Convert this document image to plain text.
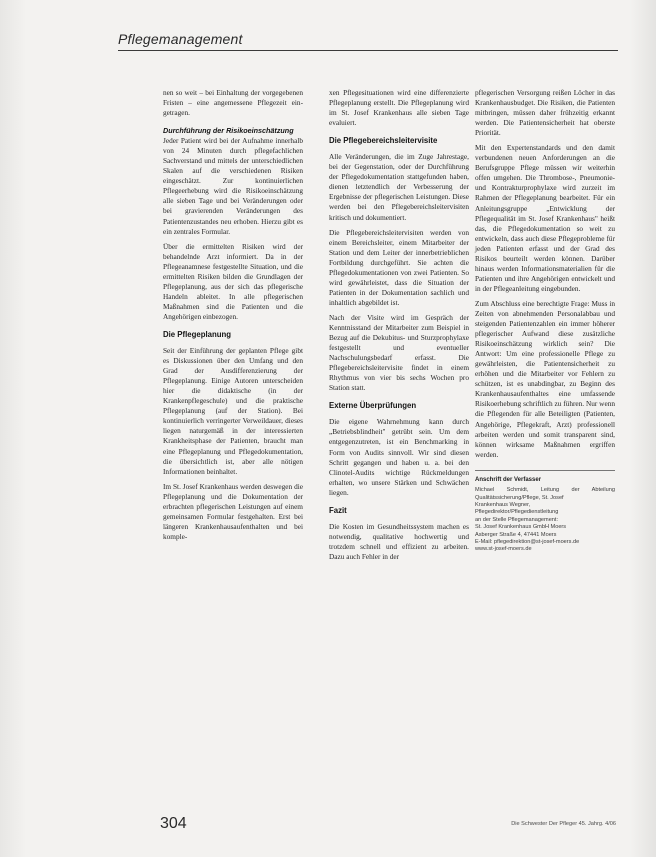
Pflegemanagement

nen so weit – bei Einhaltung der vorgegebenen Fristen – eine angemessene Pflegezeit eingetragen.

Durchführung der Risikoeinschätzung

Jeder Patient wird bei der Aufnahme innerhalb von 24 Minuten durch pflegefachlichen Sachverstand und mittels der unterschiedlichen Skalen auf die verschiedenen Risiken eingeschätzt. Zur kontinuierlichen Pflegeerhebung wird die Risikoeinschätzung alle sieben Tage und bei Veränderungen oder bei gravierenden Veränderungen des Patientenzustandes neu erhoben. Hierzu gibt es ein zentrales Formular.

Über die ermittelten Risiken wird der behandelnde Arzt informiert. Da in der Pflegeanamnese festgestellte Situation, und die ermittelten Risiken bilden die Grundlagen der Pflegeplanung, aus der sich das pflegerische Handeln ableitet. In alle pflegerischen Maßnahmen sind die Patienten und die Angehörigen einbezogen.

Die Pflegeplanung

Seit der Einführung der geplanten Pflege gibt es Diskussionen über den Umfang und den Grad der Ausdifferenzierung der Pflegeplanung. Einige Autoren unterscheiden hier die didaktische (in der Krankenpflegeschule) und die praktische Pflegeplanung (auf der Station). Bei kontinuierlich verringerter Verweildauer, dieses liegen naturgemäß in der interessierten Krankheitsphase der Patienten, braucht man eine Pflegeplanung und Pflegedokumentation, die übersichtlich ist, aber alle nötigen Informationen beinhaltet.

Im St. Josef Krankenhaus werden deswegen die Pflegeplanung und die Dokumentation der erbrachten pflegerischen Leistungen auf einem gemeinsamen Formular festgehalten. Erst bei längeren Krankenhausaufenthalten und bei komple-

xen Pflegesituationen wird eine differenzierte Pflegeplanung erstellt. Die Pflegeplanung wird im St. Josef Krankenhaus alle sieben Tage evaluiert.

Die Pflegebereichsleitervisite

Alle Veränderungen, die im Zuge Jahrestage, bei der Gegenstation, oder der Durchführung der Pflegedokumentation stattgefunden haben, dienen letztendlich der Verbesserung der Ergebnisse der pflegerischen Leistungen. Diese werden bei den Pflegebereichsleitervisiten kritisch und dokumentiert.

Die Pflegebereichsleitervisiten werden von einem Bereichsleiter, einem Mitarbeiter der Station und dem Leiter der innerbetrieblichen Fortbildung durchgeführt. Sie achten die Pflegedokumentationen von zwei Patienten. So wird gewährleistet, dass die Situation der Patienten in der Dokumentation sachlich und inhaltlich abgebildet ist.

Nach der Visite wird im Gespräch der Kenntnisstand der Mitarbeiter zum Beispiel in Bezug auf die Dekubitus- und Sturzprophylaxe festgestellt und eventueller Nachschulungsbedarf erfasst. Die Pflegebereichsleitervisite findet in einem Rhythmus von vier bis sechs Wochen pro Station statt.

Externe Überprüfungen

Die eigene Wahrnehmung kann durch „Betriebsblindheit" getrübt sein. Um dem entgegenzutreten, ist ein Benchmarking in Form von Audits sinnvoll. Wir sind diesen Schritt gegangen und haben u. a. bei den Clinotel-Audits wichtige Rückmeldungen erhalten, wo unsere Stärken und Schwächen liegen.

Fazit

Die Kosten im Gesundheitssystem machen es notwendig, qualitative hochwertig und trotzdem schnell und effizient zu arbeiten. Dazu auch Fehler in der

pflegerischen Versorgung reißen Löcher in das Krankenhausbudget. Die Risiken, die Patienten mitbringen, müssen daher frühzeitig erkannt werden. Die Patientensicherheit hat oberste Priorität.

Mit den Expertenstandards und den damit verbundenen neuen Anforderungen an die Berufsgruppe Pflege müssen wir weiterhin offen umgehen. Die Thrombose-, Pneumonie- und Kontrakturprophylaxe wird zurzeit im Rahmen der Pflegeplanung bearbeitet. Für ein Anleitungsgruppe „Entwicklung der Pflegequalität im St. Josef Krankenhaus" heißt das, die Pflegedokumentation so weit zu entwickeln, dass auch diese Pflegeprobleme für jeden Patienten erfasst und der Grad des Risikos beurteilt werden können. Darüber hinaus werden Informationsmaterialien für die Patienten und ihre Angehörigen entwickelt und in der Pflegeanleitung eingebunden.

Zum Abschluss eine berechtigte Frage: Muss in Zeiten von abnehmenden Personalabbau und steigenden Patientenzahlen ein immer höherer pflegerischer Aufwand diese zusätzliche Risikoeinschätzung wirklich sein? Die Antwort: Um eine professionelle Pflege zu gewährleisten, die Patientensicherheit zu erhöhen und die Mitarbeiter vor Fehlern zu schützen, ist es unabdingbar, zu Beginn des Krankenhausaufenthaltes eine umfassende Risikoerhebung schriftlich zu führen. Nur wenn die Pflegenden für alle Beteiligten (Patienten, Angehörige, Pflegekraft, Arzt) professionell arbeiten werden und somit transparent sind, können wirksame Maßnahmen ergriffen werden.

Anschrift der Verfasser
Michael Schmidt, Leitung der Abteilung Qualitätssicherung/Pflege, St. Josef
Krankenhaus Wegner,
Pflegedirektor/Pflegedienstleitung
an der Stelle Pflegemanagement:
St. Josef Krankenhaus GmbH Moers
Asberger Straße 4, 47441 Moers
E-Mail: pflegedirektion@st-josef-moers.de
www.st-josef-moers.de
304	Die Schwester Der Pfleger 45. Jahrg. 4/06
